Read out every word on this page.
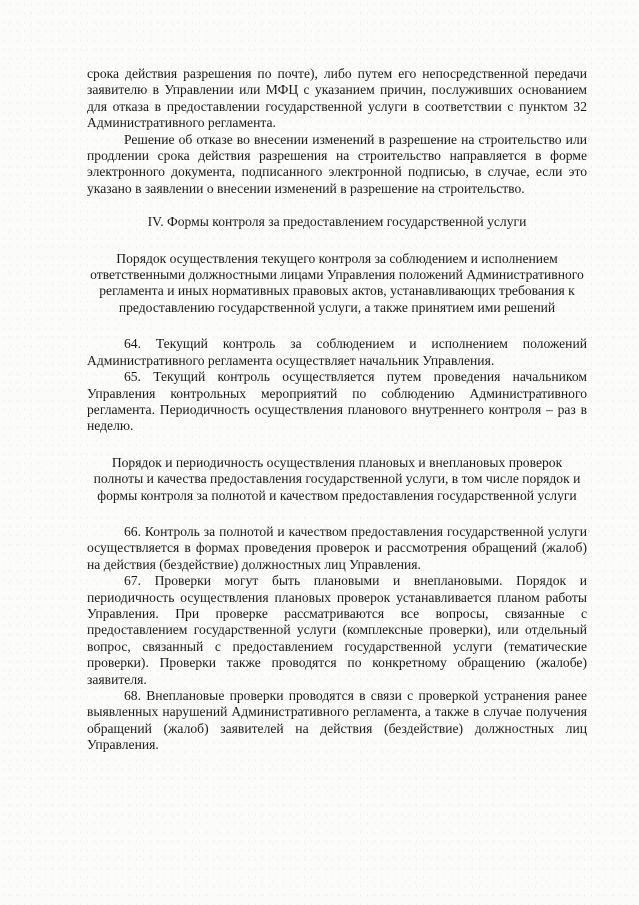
срока действия разрешения по почте), либо путем его непосредственной передачи заявителю в Управлении или МФЦ с указанием причин, послуживших основанием для отказа в предоставлении государственной услуги в соответствии с пунктом 32 Административного регламента.

Решение об отказе во внесении изменений в разрешение на строительство или продлении срока действия разрешения на строительство направляется в форме электронного документа, подписанного электронной подписью, в случае, если это указано в заявлении о внесении изменений в разрешение на строительство.

IV. Формы контроля за предоставлением государственной услуги
Порядок осуществления текущего контроля за соблюдением и исполнением ответственными должностными лицами Управления положений Административного регламента и иных нормативных правовых актов, устанавливающих требования к предоставлению государственной услуги, а также принятием ими решений

64. Текущий контроль за соблюдением и исполнением положений Административного регламента осуществляет начальник Управления.

65. Текущий контроль осуществляется путем проведения начальником Управления контрольных мероприятий по соблюдению Административного регламента. Периодичность осуществления планового внутреннего контроля – раз в неделю.

Порядок и периодичность осуществления плановых и внеплановых проверок полноты и качества предоставления государственной услуги, в том числе порядок и формы контроля за полнотой и качеством предоставления государственной услуги

66. Контроль за полнотой и качеством предоставления государственной услуги осуществляется в формах проведения проверок и рассмотрения обращений (жалоб) на действия (бездействие) должностных лиц Управления.

67. Проверки могут быть плановыми и внеплановыми. Порядок и периодичность осуществления плановых проверок устанавливается планом работы Управления. При проверке рассматриваются все вопросы, связанные с предоставлением государственной услуги (комплексные проверки), или отдельный вопрос, связанный с предоставлением государственной услуги (тематические проверки). Проверки также проводятся по конкретному обращению (жалобе) заявителя.

68. Внеплановые проверки проводятся в связи с проверкой устранения ранее выявленных нарушений Административного регламента, а также в случае получения обращений (жалоб) заявителей на действия (бездействие) должностных лиц Управления.
